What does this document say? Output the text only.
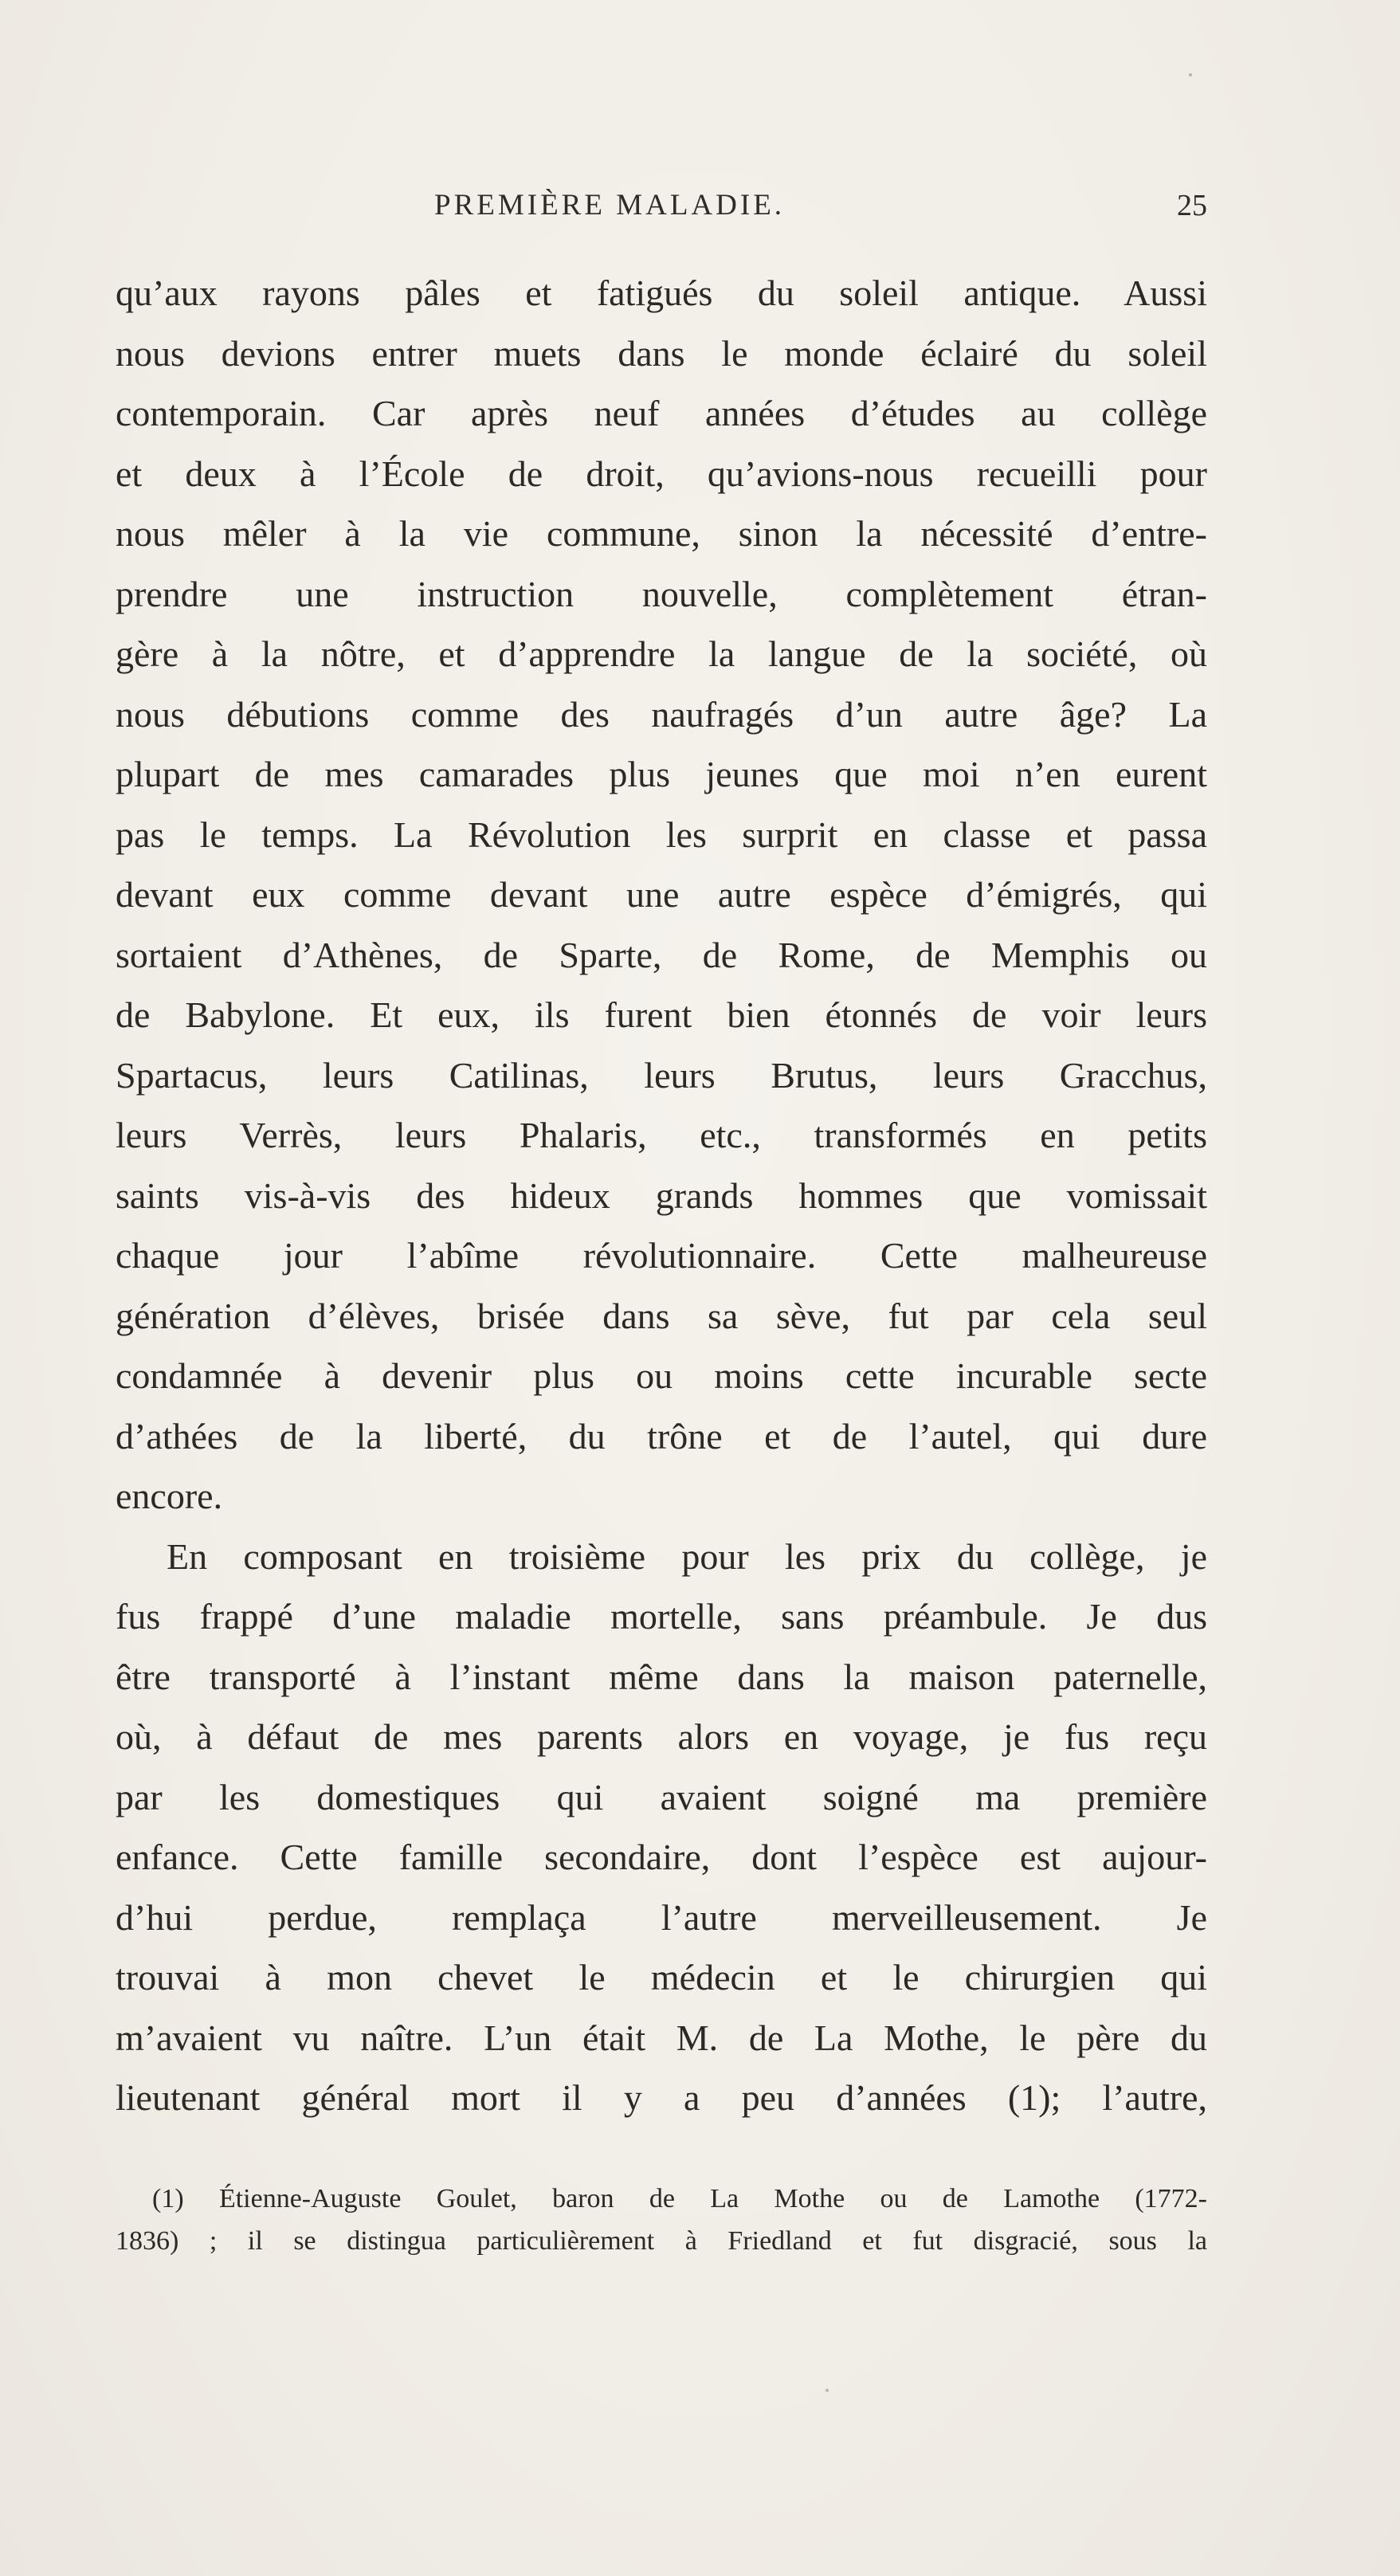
PREMIÈRE MALADIE.	25
qu’aux rayons pâles et fatigués du soleil antique. Aussi
nous devions entrer muets dans le monde éclairé du soleil
contemporain. Car après neuf années d’études au collège
et deux à l’École de droit, qu’avions-nous recueilli pour
nous mêler à la vie commune, sinon la nécessité d’entre-
prendre une instruction nouvelle, complètement étran-
gère à la nôtre, et d’apprendre la langue de la société, où
nous débutions comme des naufragés d’un autre âge? La
plupart de mes camarades plus jeunes que moi n’en eurent
pas le temps. La Révolution les surprit en classe et passa
devant eux comme devant une autre espèce d’émigrés, qui
sortaient d’Athènes, de Sparte, de Rome, de Memphis ou
de Babylone. Et eux, ils furent bien étonnés de voir leurs
Spartacus, leurs Catilinas, leurs Brutus, leurs Gracchus,
leurs Verrès, leurs Phalaris, etc., transformés en petits
saints vis-à-vis des hideux grands hommes que vomissait
chaque jour l’abîme révolutionnaire. Cette malheureuse
génération d’élèves, brisée dans sa sève, fut par cela seul
condamnée à devenir plus ou moins cette incurable secte
d’athées de la liberté, du trône et de l’autel, qui dure
encore.
En composant en troisième pour les prix du collège, je
fus frappé d’une maladie mortelle, sans préambule. Je dus
être transporté à l’instant même dans la maison paternelle,
où, à défaut de mes parents alors en voyage, je fus reçu
par les domestiques qui avaient soigné ma première
enfance. Cette famille secondaire, dont l’espèce est aujour-
d’hui perdue, remplaça l’autre merveilleusement. Je
trouvai à mon chevet le médecin et le chirurgien qui
m’avaient vu naître. L’un était M. de La Mothe, le père du
lieutenant général mort il y a peu d’années (1); l’autre,
(1) Étienne-Auguste Goulet, baron de La Mothe ou de Lamothe (1772-
1836) ; il se distingua particulièrement à Friedland et fut disgracié, sous la
